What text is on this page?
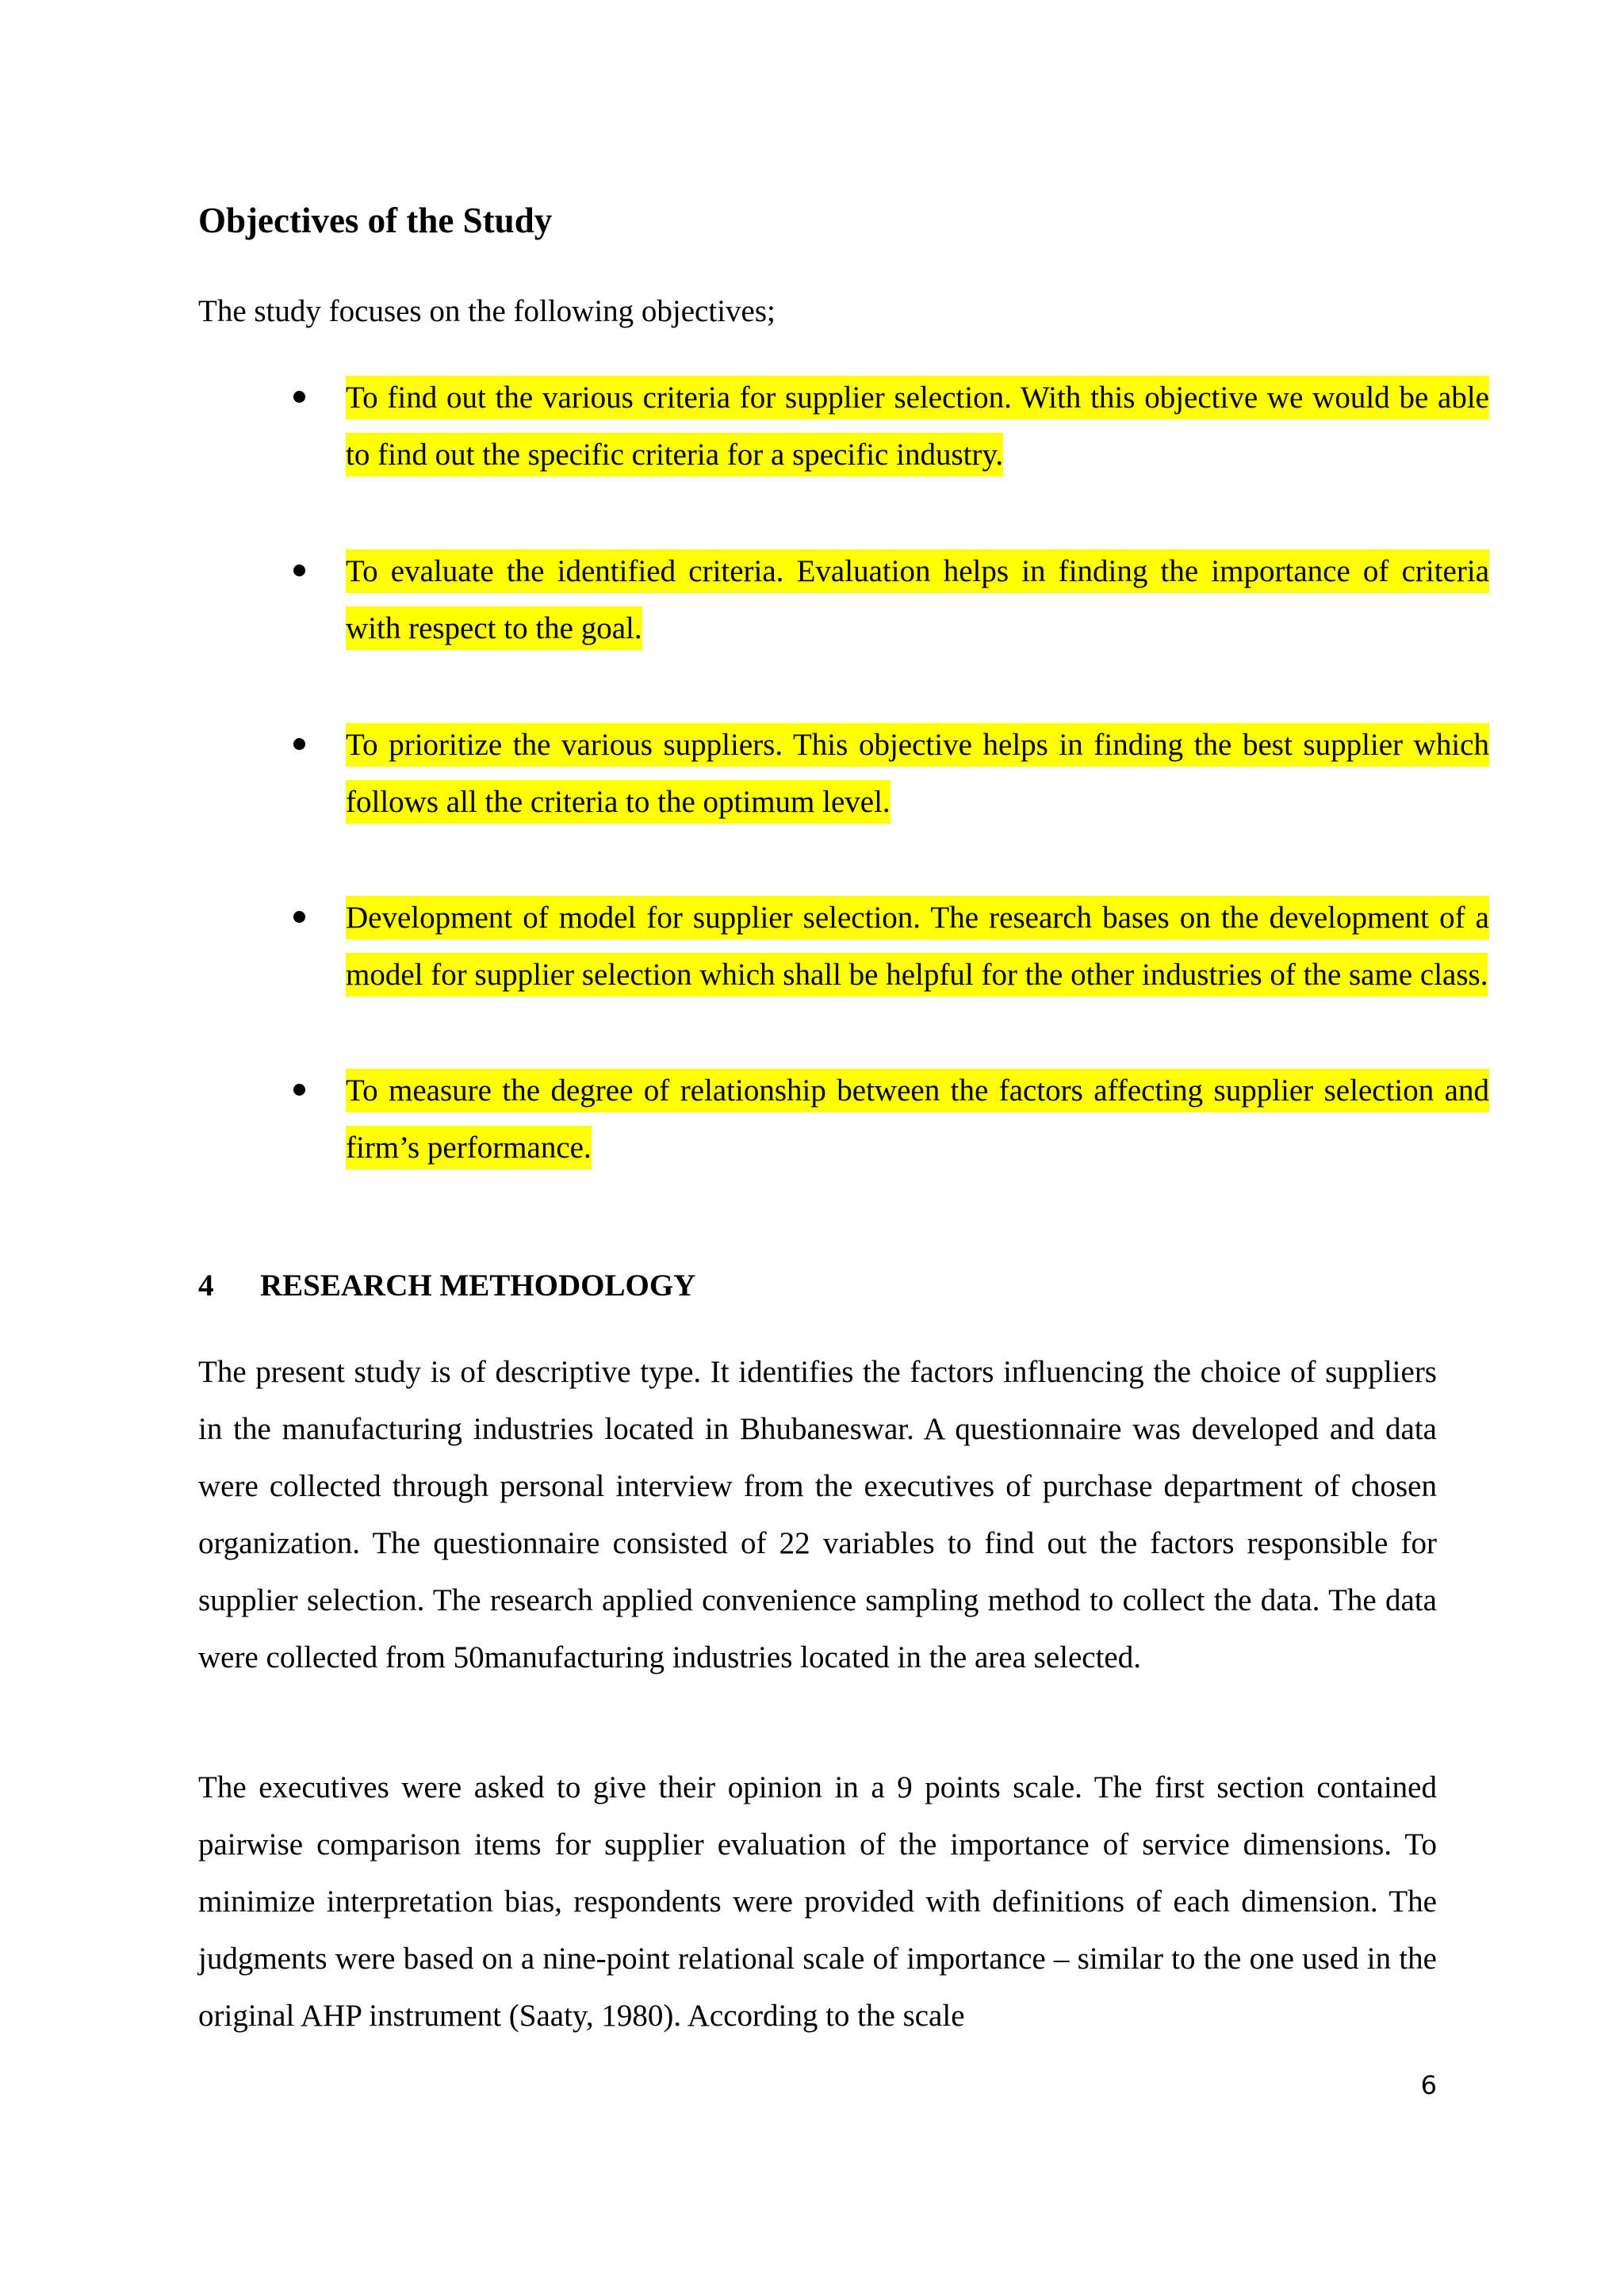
Objectives of the Study

The study focuses on the following objectives;

To find out the various criteria for supplier selection. With this objective we would be able to find out the specific criteria for a specific industry.

To evaluate the identified criteria. Evaluation helps in finding the importance of criteria with respect to the goal.

To prioritize the various suppliers. This objective helps in finding the best supplier which follows all the criteria to the optimum level.

Development of model for supplier selection. The research bases on the development of a model for supplier selection which shall be helpful for the other industries of the same class.

To measure the degree of relationship between the factors affecting supplier selection and firm’s performance.

4 RESEARCH METHODOLOGY

The present study is of descriptive type. It identifies the factors influencing the choice of suppliers in the manufacturing industries located in Bhubaneswar. A questionnaire was developed and data were collected through personal interview from the executives of purchase department of chosen organization. The questionnaire consisted of 22 variables to find out the factors responsible for supplier selection. The research applied convenience sampling method to collect the data. The data were collected from 50manufacturing industries located in the area selected.

The executives were asked to give their opinion in a 9 points scale. The first section contained pairwise comparison items for supplier evaluation of the importance of service dimensions. To minimize interpretation bias, respondents were provided with definitions of each dimension. The judgments were based on a nine-point relational scale of importance – similar to the one used in the original AHP instrument (Saaty, 1980). According to the scale

6
